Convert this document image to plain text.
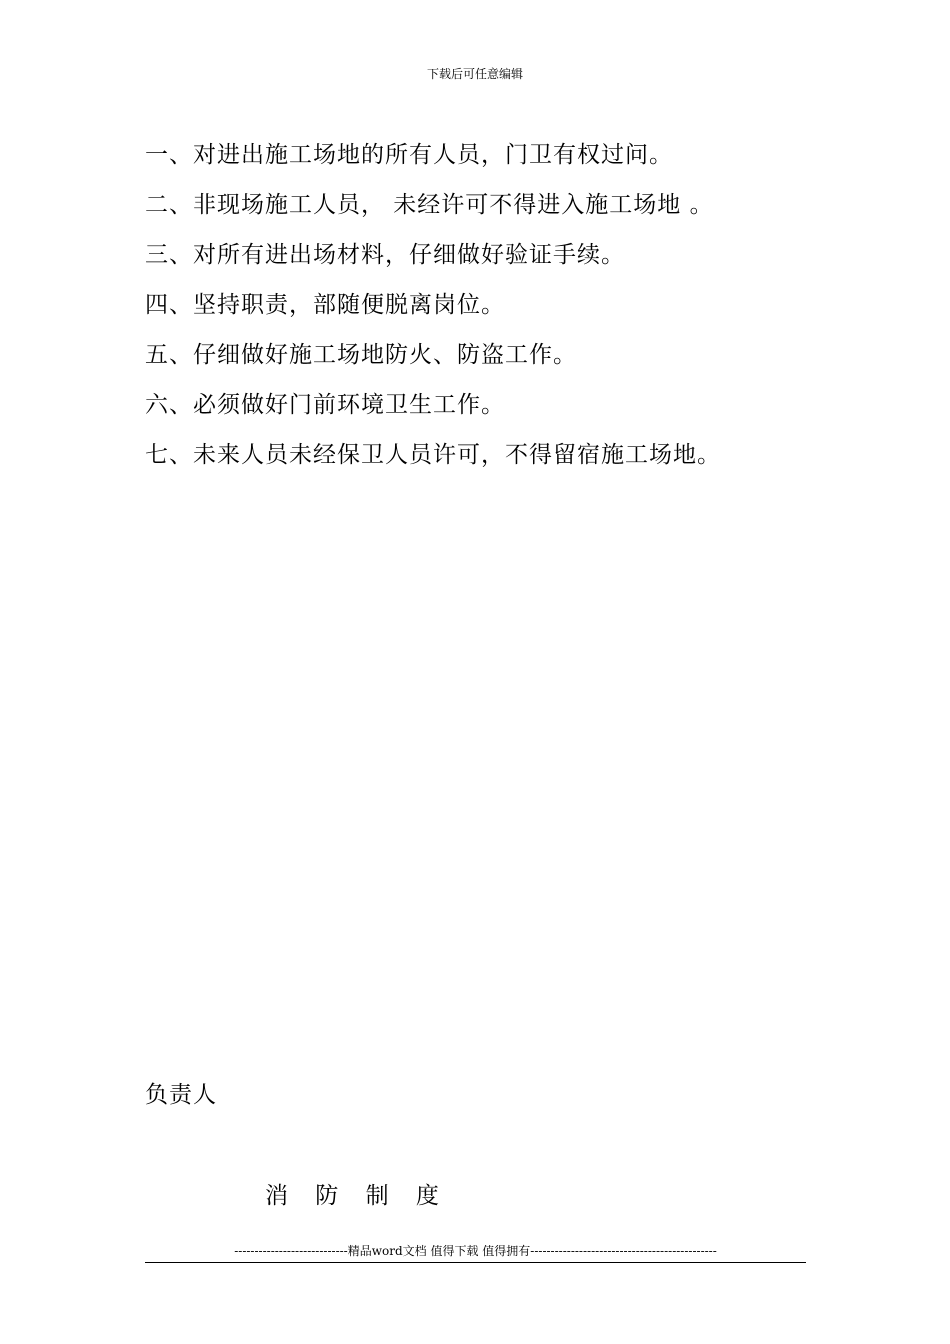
下载后可任意编辑
一、对进出施工场地的所有人员，门卫有权过问。
二、非现场施工人员， 未经许可不得进入施工场地 。
三、对所有进出场材料，仔细做好验证手续。
四、坚持职责，部随便脱离岗位。
五、仔细做好施工场地防火、防盗工作。
六、必须做好门前环境卫生工作。
七、未来人员未经保卫人员许可，不得留宿施工场地。
负责人
消 防 制 度
----------------------------精品word文档 值得下载 值得拥有----------------------------------------------
